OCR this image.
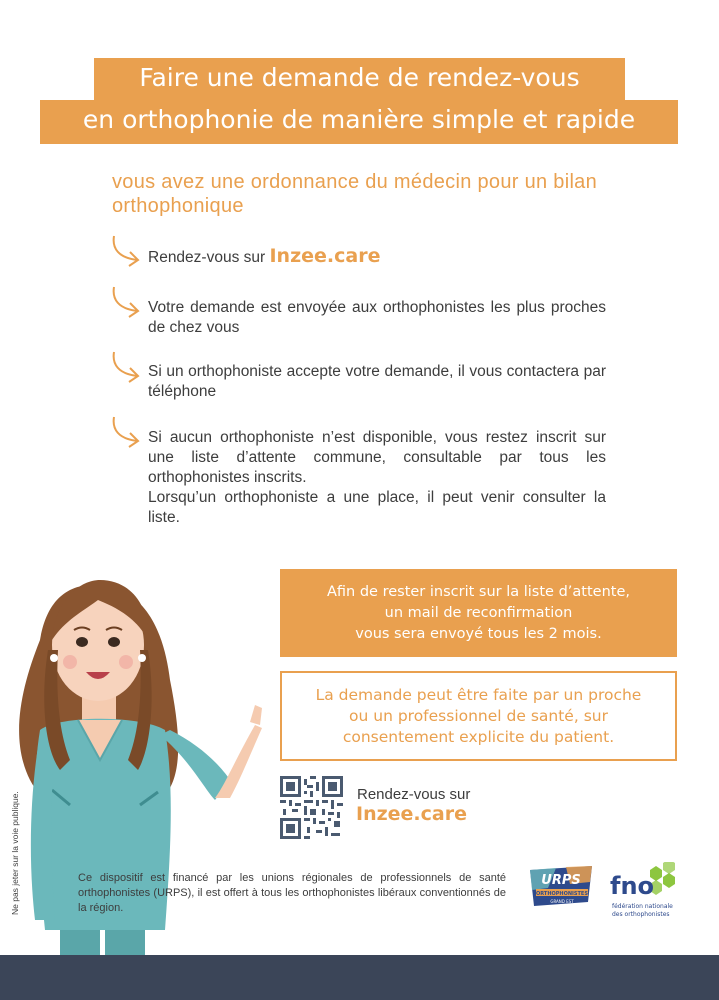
Faire une demande de rendez-vous
en orthophonie de manière simple et rapide
vous avez une ordonnance du médecin pour un bilan orthophonique
Rendez-vous sur Inzee.care
Votre demande est envoyée aux orthophonistes les plus proches de chez vous
Si un orthophoniste accepte votre demande, il vous contactera par téléphone
Si aucun orthophoniste n’est disponible, vous restez inscrit sur une liste d’attente commune, consultable par tous les orthophonistes inscrits.
Lorsqu’un orthophoniste a une place, il peut venir consulter la liste.
Afin de rester inscrit sur la liste d’attente,
un mail de reconfirmation
vous sera envoyé tous les 2 mois.
La demande peut être faite par un proche
ou un professionnel de santé, sur
consentement explicite du patient.
Rendez-vous sur
Inzee.care
Ce dispositif est financé par les unions régionales de professionnels de santé orthophonistes (URPS), il est offert à tous les orthophonistes libéraux conventionnés de la région.
Ne pas jeter sur la voie publique.	URPS
ORTHOPHONISTES
GRAND EST
fno
fédération nationale
des orthophonistes
